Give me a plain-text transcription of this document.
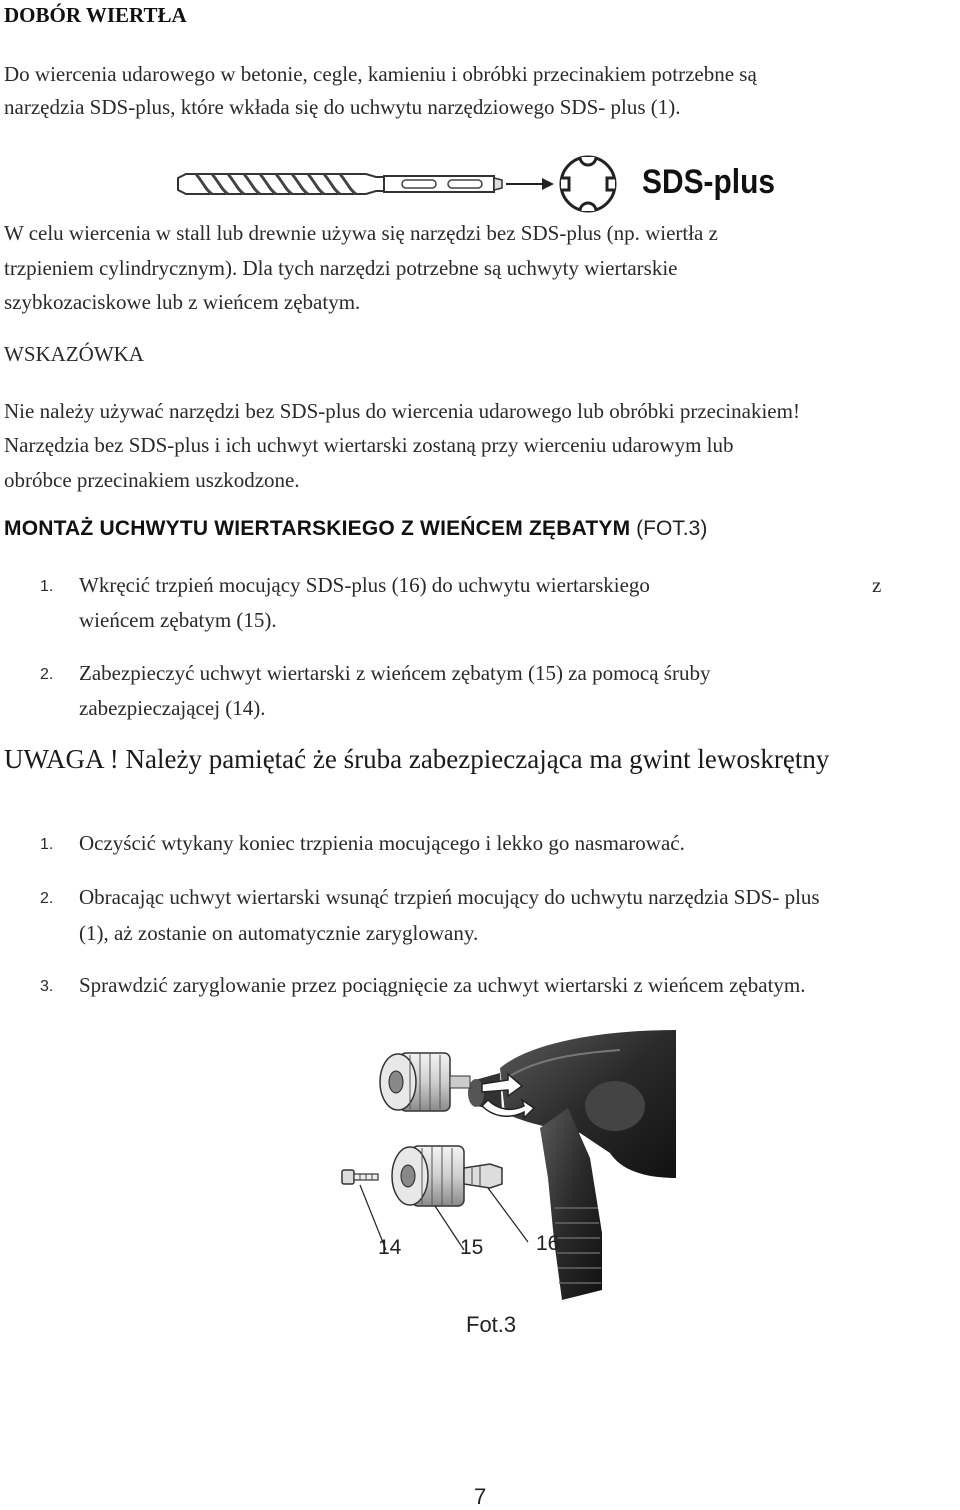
DOBÓR WIERTŁA
Do wiercenia udarowego w betonie, cegle, kamieniu i obróbki przecinakiem potrzebne są
narzędzia SDS-plus, które wkłada się do uchwytu narzędziowego SDS- plus (1).
SDS-plus
W celu wiercenia w stall lub drewnie używa się narzędzi bez SDS-plus (np. wiertła z
trzpieniem cylindrycznym). Dla tych narzędzi potrzebne są uchwyty wiertarskie
szybkozaciskowe lub z wieńcem zębatym.
WSKAZÓWKA
Nie należy używać narzędzi bez SDS-plus do wiercenia udarowego lub obróbki przecinakiem!
Narzędzia bez SDS-plus i ich uchwyt wiertarski zostaną przy wierceniu udarowym lub
obróbce przecinakiem uszkodzone.
MONTAŻ UCHWYTU WIERTARSKIEGO Z WIEŃCEM ZĘBATYM (FOT.3)
1. Wkręcić trzpień mocujący SDS-plus (16) do uchwytu wiertarskiego	z
wieńcem zębatym (15).
2. Zabezpieczyć uchwyt wiertarski z wieńcem zębatym (15) za pomocą śruby
zabezpieczającej (14).
UWAGA ! Należy pamiętać że śruba zabezpieczająca ma gwint lewoskrętny
1. Oczyścić wtykany koniec trzpienia mocującego i lekko go nasmarować.
2. Obracając uchwyt wiertarski wsunąć trzpień mocujący do uchwytu narzędzia SDS- plus
(1), aż zostanie on automatycznie zaryglowany.
3. Sprawdzić zaryglowanie przez pociągnięcie za uchwyt wiertarski z wieńcem zębatym.
14	15	16
Fot.3
7
